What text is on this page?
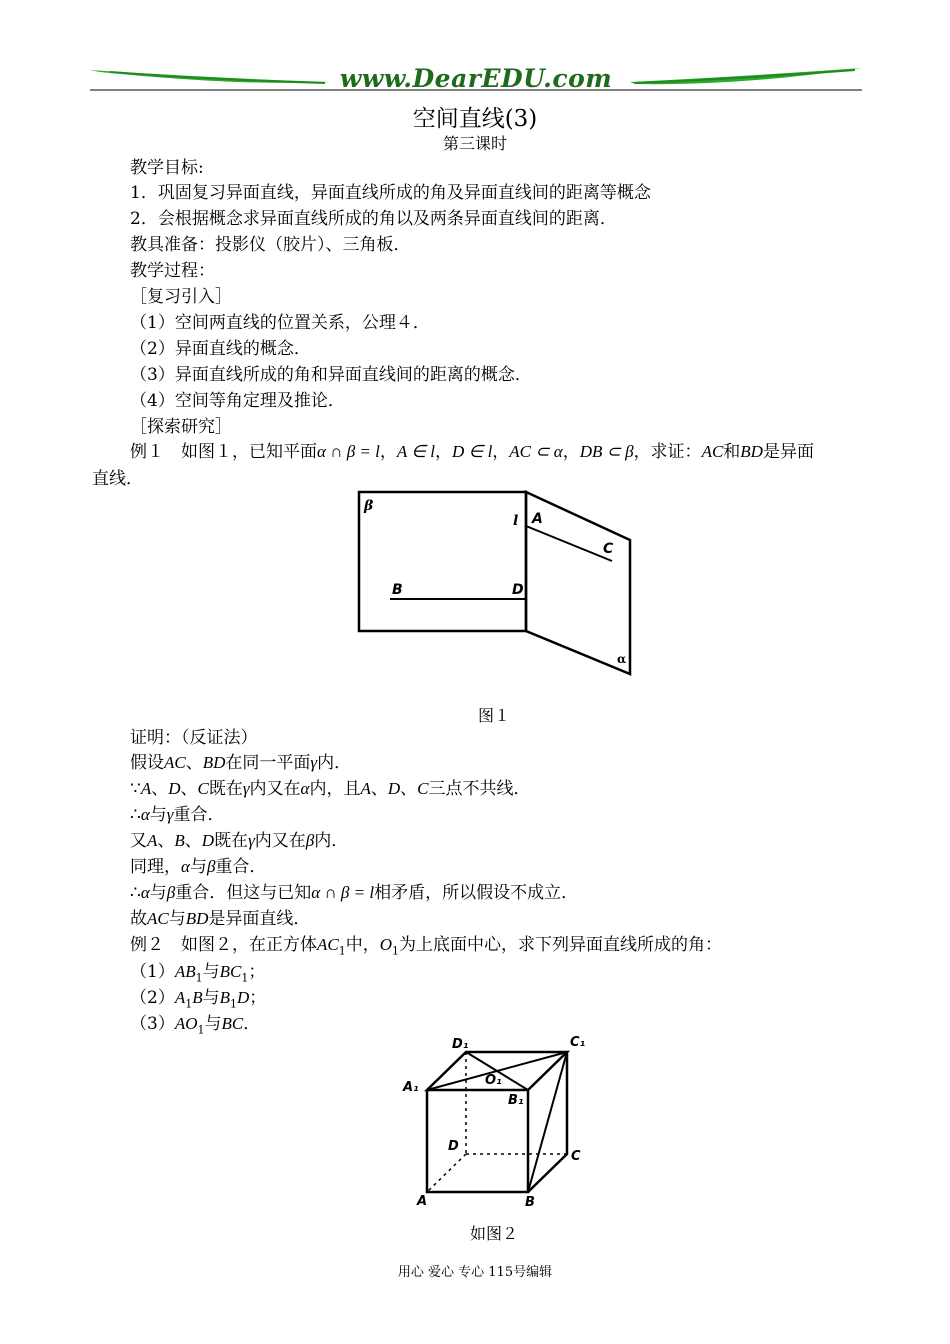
www.DearEDU.com
空间直线(3)
第三课时
教学目标:
1．巩固复习异面直线，异面直线所成的角及异面直线间的距离等概念
2．会根据概念求异面直线所成的角以及两条异面直线间的距离．
教具准备：投影仪（胶片）、三角板．
教学过程：
［复习引入］
（1）空间两直线的位置关系，公理４．
（2）异面直线的概念．
（3）异面直线所成的角和异面直线间的距离的概念．
（4）空间等角定理及推论．
［探索研究］
例１　如图１，已知平面α ∩ β = l，A ∈ l，D ∈ l，AC ⊂ α，DB ⊂ β，求证：AC和BD是异面
直线．
β
l A
C
B	D
α
图１
证明：（反证法）
假设AC、BD在同一平面γ内．
∵A、D、C既在γ内又在α内，且A、D、C三点不共线．
∴α与γ重合．
又A、B、D既在γ内又在β内．
同理，α与β重合．
∴α与β重合．但这与已知α ∩ β = l相矛盾，所以假设不成立．
故AC与BD是异面直线．
例２　如图２，在正方体$AC_1$中，$O_1$为上底面中心，求下列异面直线所成的角：
$(1)AB_1$与$BC_1$；
$(2)A_1B$与$B_1D$；
$(3)AO_1$与BC．
D₁	C₁
O₁
A₁
B₁
D
C
A	B
如图２
用心 爱心 专心 115号编辑
